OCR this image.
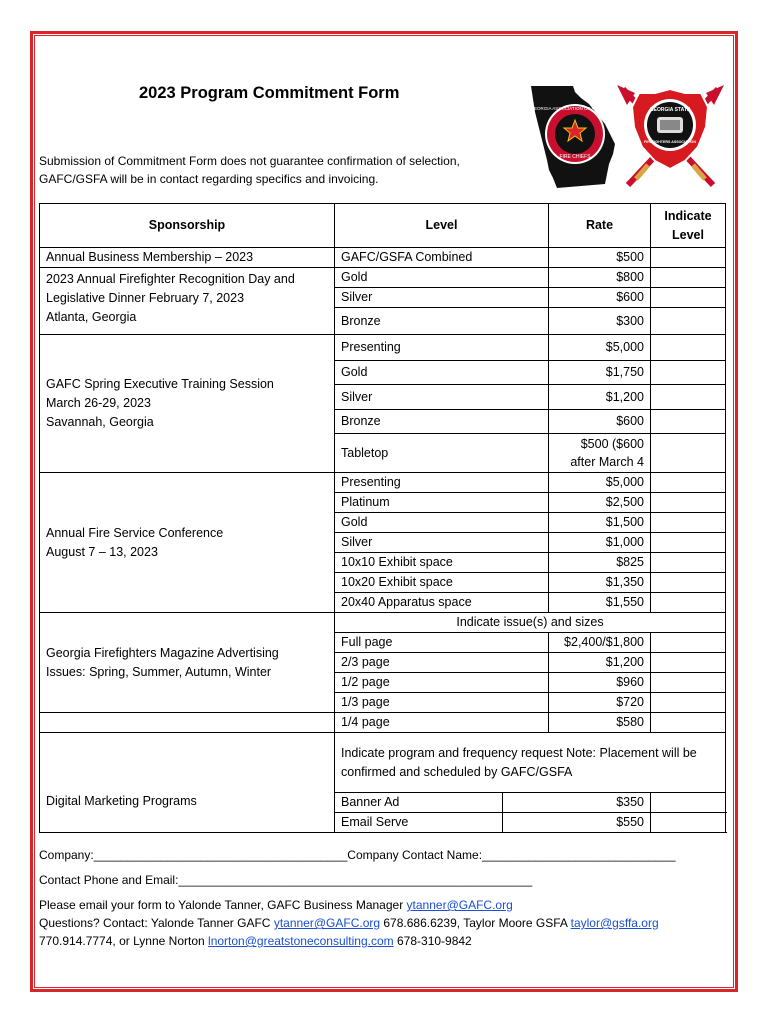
2023 Program Commitment Form
Submission of Commitment Form does not guarantee confirmation of selection, GAFC/GSFA will be in contact regarding specifics and invoicing.
GEORGIA ASSOCIATION OF FIRE CHIEFS
FIRE CHIEFS
GEORGIA STATE
FIREFIGHTERS ASSOCIATION
Sponsorship	Level		Rate	Indicate Level
Annual Business Membership – 2023	GAFC/GSFA Combined		$500	

2023 Annual Firefighter Recognition Day and
Legislative Dinner February 7, 2023
Atlanta, Georgia	Gold		$800	
	Silver		$600	
	Bronze		$300	

GAFC Spring Executive Training Session
March 26-29, 2023
Savannah, Georgia	Presenting		$5,000	
	Gold		$1,750	
	Silver		$1,200	
	Bronze		$600	
	Tabletop		$500 ($600 after March 4	

Annual Fire Service Conference
August 7 – 13, 2023	Presenting		$5,000	
	Platinum		$2,500	
	Gold		$1,500	
	Silver		$1,000	
	10x10 Exhibit space		$825	
	10x20 Exhibit space		$1,350	
	20x40 Apparatus space		$1,550	

Georgia Firefighters Magazine Advertising
Issues: Spring, Summer, Autumn, Winter	Indicate issue(s) and sizes			
	Full page		$2,400/$1,800	
	2/3 page		$1,200	
	1/2 page		$960	
	1/3 page		$720	
	1/4 page		$580	
Digital Marketing Programs	Indicate program and frequency request Note: Placement will be confirmed and scheduled by GAFC/GSFA			
	Banner Ad	$350		
	Email Serve	$550		
Company:______________________________________Company Contact Name:_____________________________
Contact Phone and Email:_____________________________________________________
Please email your form to Yalonde Tanner, GAFC Business Manager ytanner@GAFC.org
Questions? Contact: Yalonde Tanner GAFC ytanner@GAFC.org 678.686.6239, Taylor Moore GSFA taylor@gsffa.org
770.914.7774, or Lynne Norton lnorton@greatstoneconsulting.com 678-310-9842
